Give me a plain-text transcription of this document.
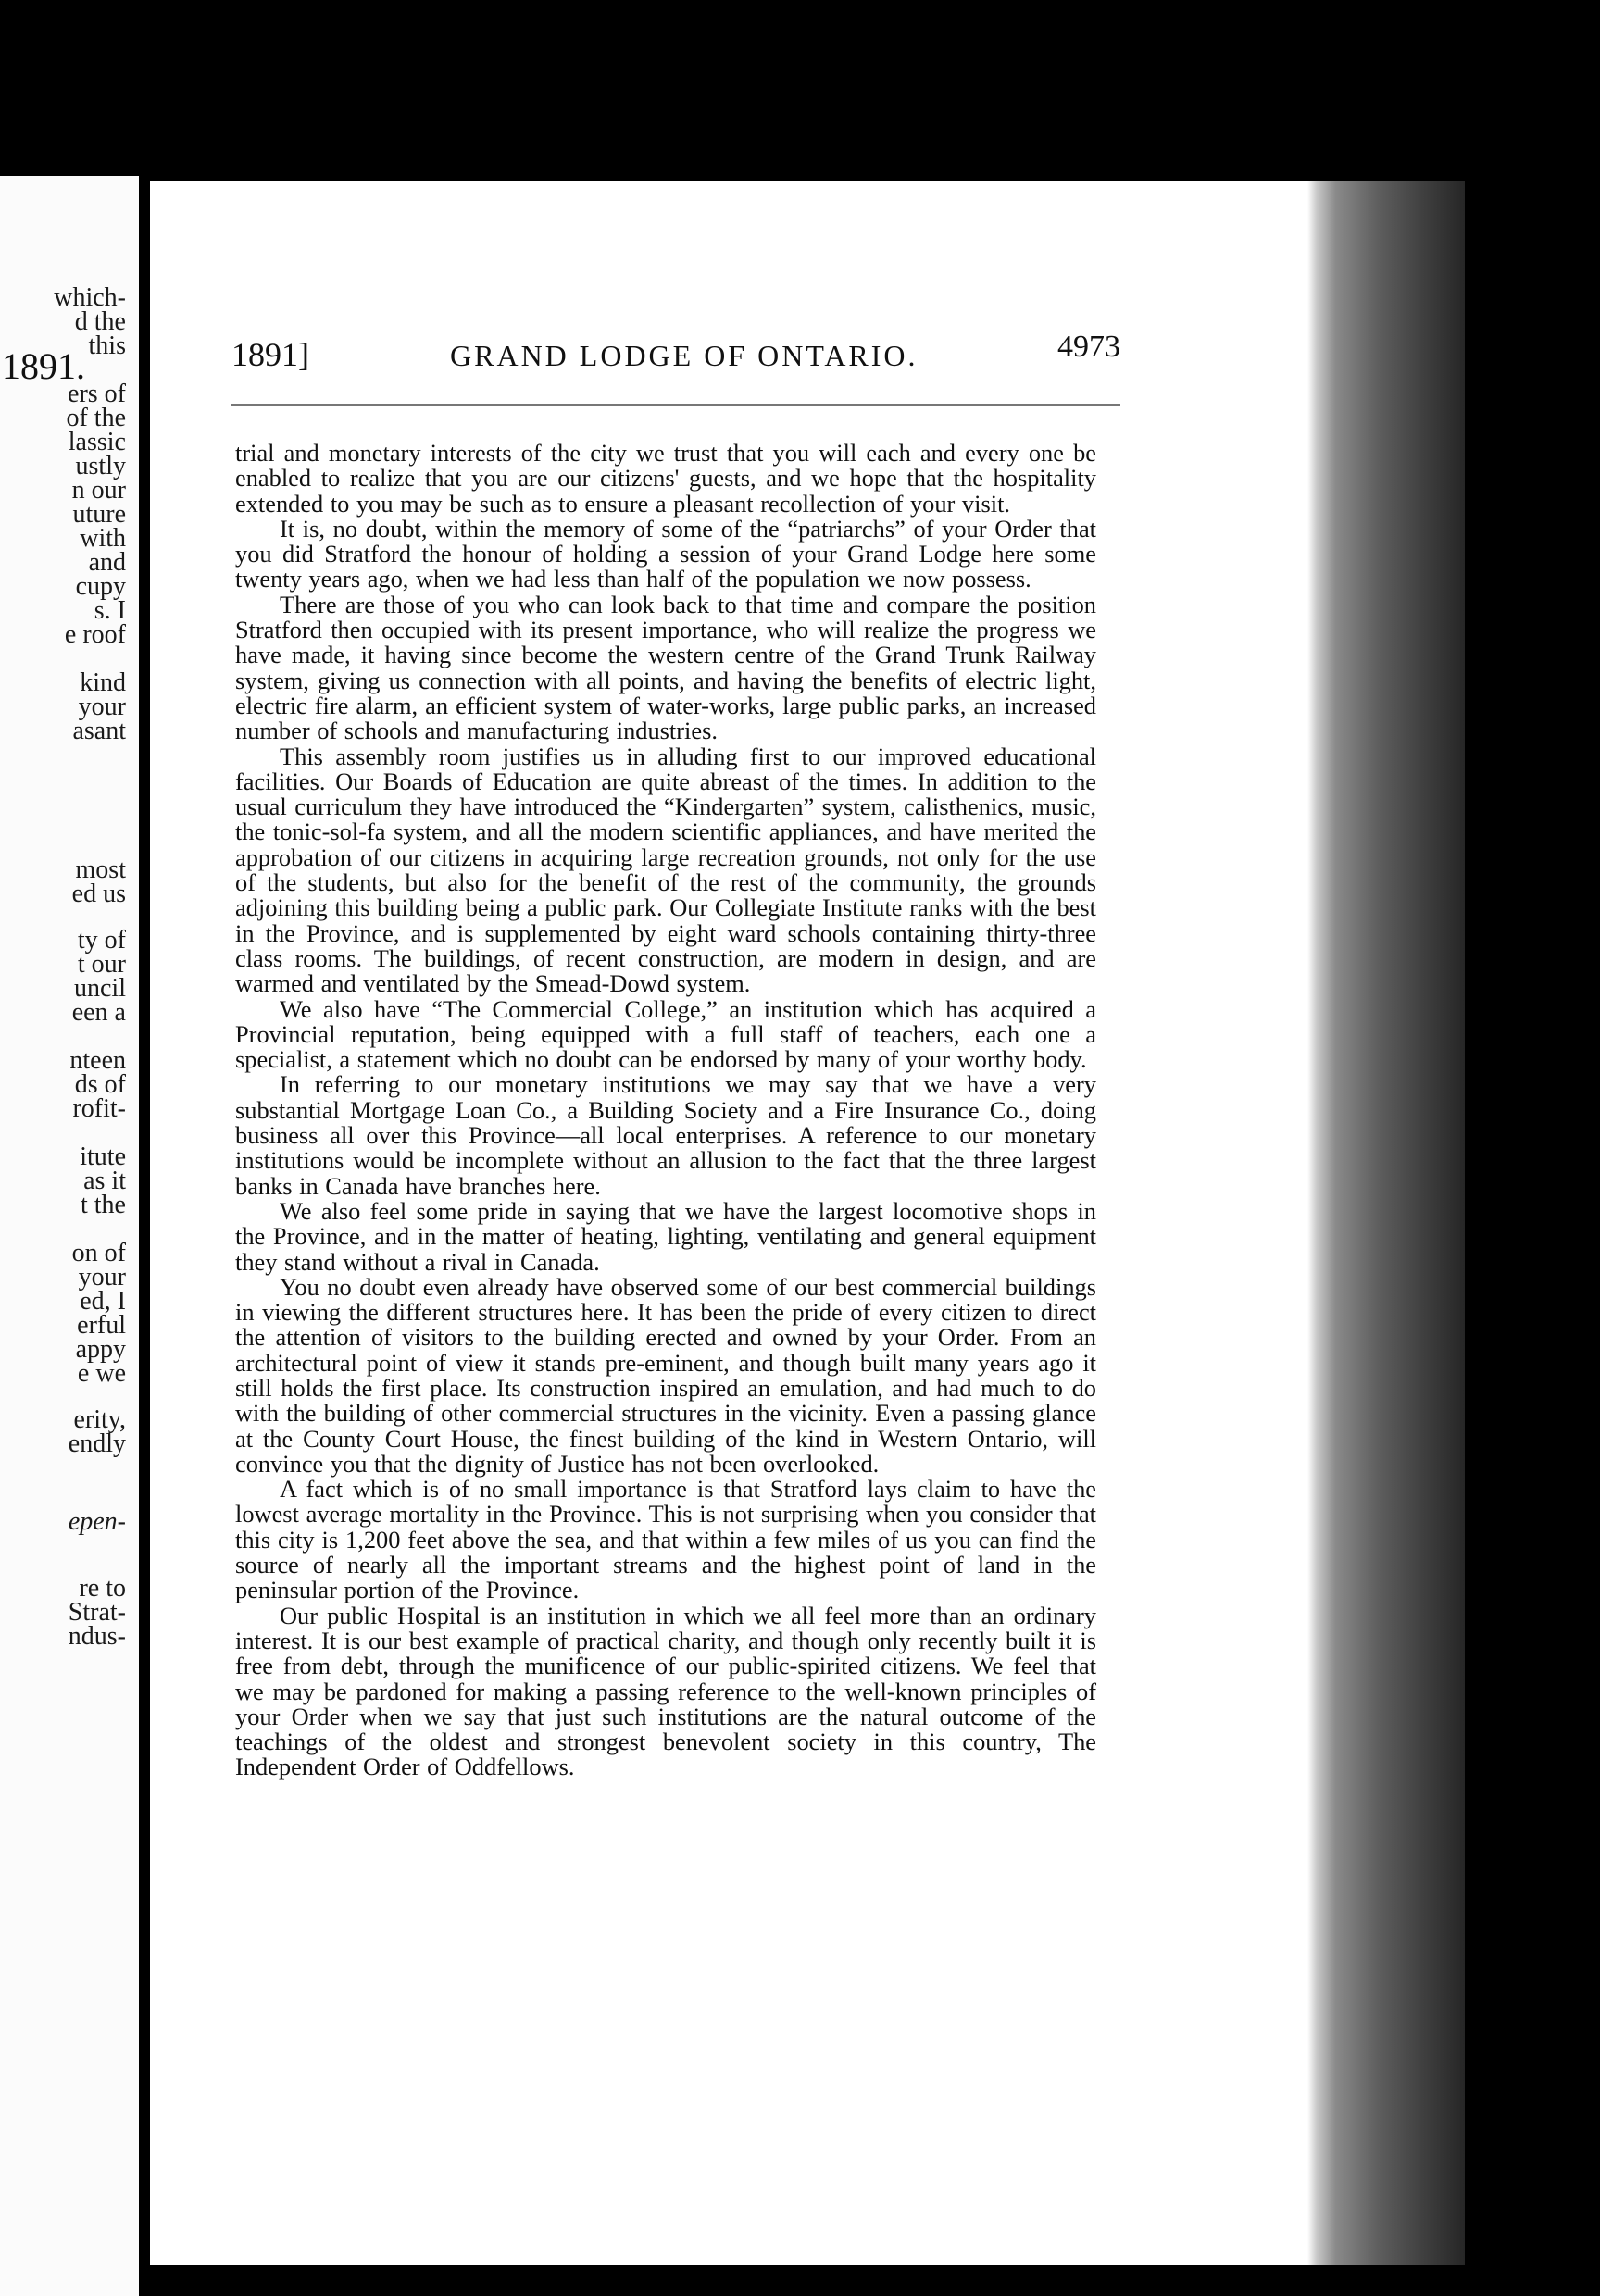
1891.
which-
d the
this
ers of
of the
lassic
ustly
n our
uture
with
and
cupy
s. I
e roof
kind
your
asant
most
ed us
ty of
t our
uncil
een a
nteen
ds of
rofit-
itute
as it
t the
on of
your
ed, I
erful
appy
e we
erity,
endly
epen-
re to
Strat-
ndus-
1891]	GRAND LODGE OF ONTARIO.	4973

trial and monetary interests of the city we trust that you will each and every one be enabled to realize that you are our citizens' guests, and we hope that the hospitality extended to you may be such as to ensure a pleasant recollection of your visit.

It is, no doubt, within the memory of some of the “patriarchs” of your Order that you did Stratford the honour of holding a session of your Grand Lodge here some twenty years ago, when we had less than half of the population we now possess.

There are those of you who can look back to that time and compare the position Stratford then occupied with its present importance, who will realize the progress we have made, it having since become the western centre of the Grand Trunk Railway system, giving us connection with all points, and having the benefits of electric light, electric fire alarm, an efficient system of water-works, large public parks, an increased number of schools and manufacturing industries.

This assembly room justifies us in alluding first to our improved educational facilities. Our Boards of Education are quite abreast of the times. In addition to the usual curriculum they have introduced the “Kindergarten” system, calisthenics, music, the tonic-sol-fa system, and all the modern scientific appliances, and have merited the approbation of our citizens in acquiring large recreation grounds, not only for the use of the students, but also for the benefit of the rest of the community, the grounds adjoining this building being a public park. Our Collegiate Institute ranks with the best in the Province, and is supplemented by eight ward schools containing thirty-three class rooms. The buildings, of recent construction, are modern in design, and are warmed and ventilated by the Smead-Dowd system.

We also have “The Commercial College,” an institution which has acquired a Provincial reputation, being equipped with a full staff of teachers, each one a specialist, a statement which no doubt can be endorsed by many of your worthy body.

In referring to our monetary institutions we may say that we have a very substantial Mortgage Loan Co., a Building Society and a Fire Insurance Co., doing business all over this Province—all local enterprises. A reference to our monetary institutions would be incomplete without an allusion to the fact that the three largest banks in Canada have branches here.

We also feel some pride in saying that we have the largest locomotive shops in the Province, and in the matter of heating, lighting, ventilating and general equipment they stand without a rival in Canada.

You no doubt even already have observed some of our best commercial buildings in viewing the different structures here. It has been the pride of every citizen to direct the attention of visitors to the building erected and owned by your Order. From an architectural point of view it stands pre-eminent, and though built many years ago it still holds the first place. Its construction inspired an emulation, and had much to do with the building of other commercial structures in the vicinity. Even a passing glance at the County Court House, the finest building of the kind in Western Ontario, will convince you that the dignity of Justice has not been overlooked.

A fact which is of no small importance is that Stratford lays claim to have the lowest average mortality in the Province. This is not surprising when you consider that this city is 1,200 feet above the sea, and that within a few miles of us you can find the source of nearly all the important streams and the highest point of land in the peninsular portion of the Province.

Our public Hospital is an institution in which we all feel more than an ordinary interest. It is our best example of practical charity, and though only recently built it is free from debt, through the munificence of our public-spirited citizens. We feel that we may be pardoned for making a passing reference to the well-known principles of your Order when we say that just such institutions are the natural outcome of the teachings of the oldest and strongest benevolent society in this country, The Independent Order of Oddfellows.
